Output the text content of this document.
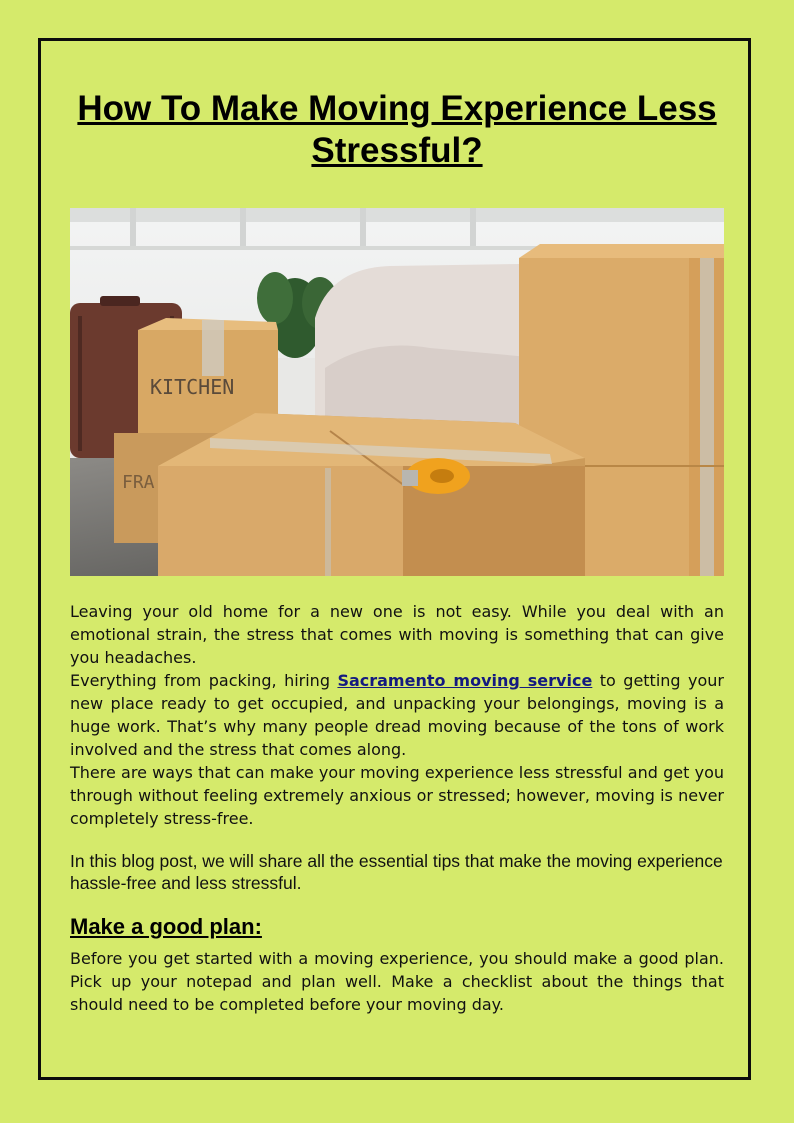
How To Make Moving Experience Less Stressful?
KITCHEN
FRA
Leaving your old home for a new one is not easy. While you deal with an emotional strain, the stress that comes with moving is something that can give you headaches.
Everything from packing, hiring Sacramento moving service to getting your new place ready to get occupied, and unpacking your belongings, moving is a huge work. That’s why many people dread moving because of the tons of work involved and the stress that comes along.
There are ways that can make your moving experience less stressful and get you through without feeling extremely anxious or stressed; however, moving is never completely stress-free.

In this blog post, we will share all the essential tips that make the moving experience hassle-free and less stressful.

Make a good plan:

Before you get started with a moving experience, you should make a good plan. Pick up your notepad and plan well. Make a checklist about the things that should need to be completed before your moving day.
